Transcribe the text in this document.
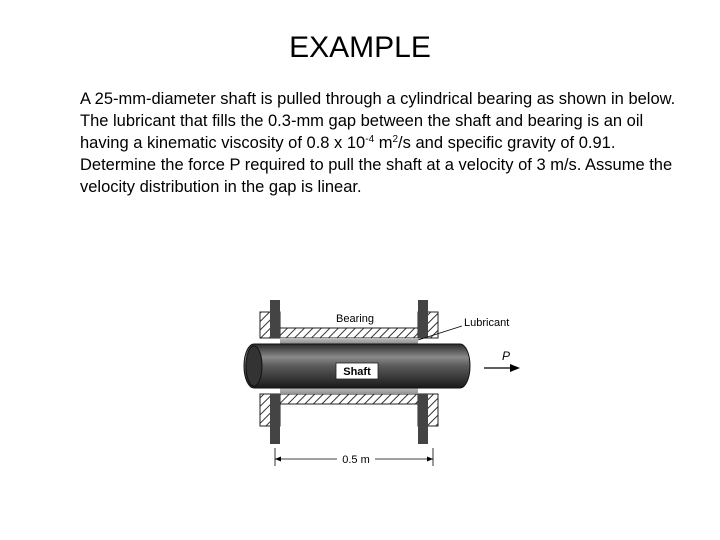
EXAMPLE
A 25-mm-diameter shaft is pulled through a cylindrical bearing as shown in below. The lubricant that fills the 0.3-mm gap between the shaft and bearing is an oil having a kinematic viscosity of 0.8 x $10^{-4}$ $m^2/s$ and specific gravity of 0.91. Determine the force P required to pull the shaft at a velocity of 3 m/s. Assume the velocity distribution in the gap is linear.
Shaft
Bearing	Lubricant
P
0.5 m
